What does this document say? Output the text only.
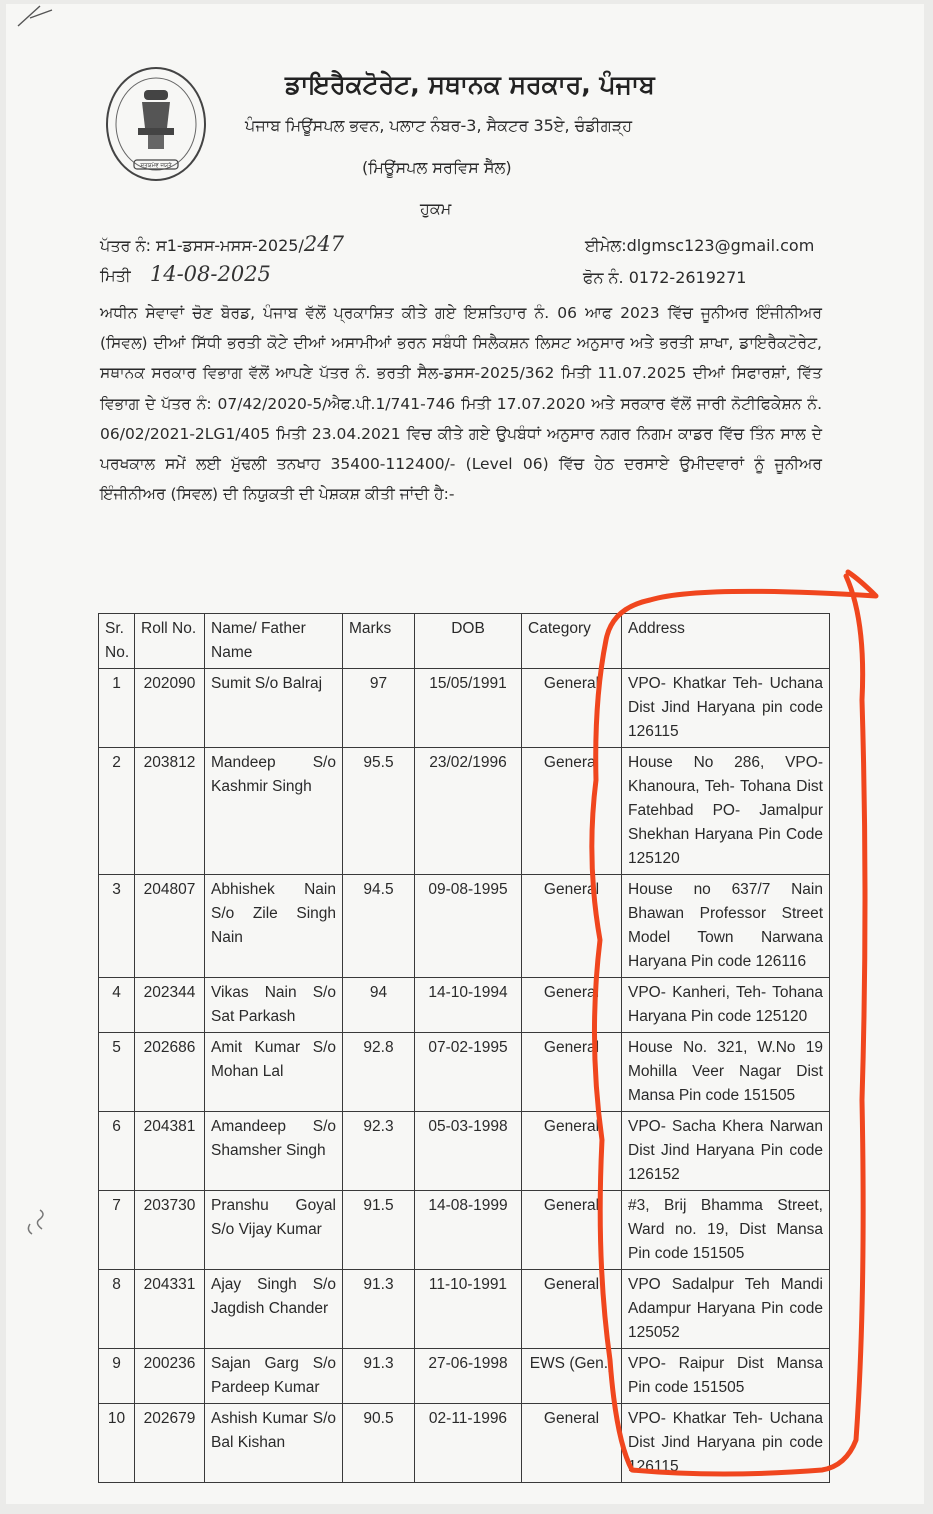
ਸਤਯਮੇਵ ਜਯਤੇ
ਡਾਇਰੈਕਟੋਰੇਟ, ਸਥਾਨਕ ਸਰਕਾਰ, ਪੰਜਾਬ
ਪੰਜਾਬ ਮਿਊਂਸਪਲ ਭਵਨ, ਪਲਾਟ ਨੰਬਰ-3, ਸੈਕਟਰ 35ਏ, ਚੰਡੀਗੜ੍ਹ
(ਮਿਊਂਸਪਲ ਸਰਵਿਸ ਸੈੱਲ)
ਹੁਕਮ
ਪੱਤਰ ਨੰ: ਸ1-ਡਸਸ-ਮਸਸ-2025/247
ਮਿਤੀ 14-08-2025
ਈਮੇਲ:dlgmsc123@gmail.com
ਫੋਨ ਨੰ. 0172-2619271
ਅਧੀਨ ਸੇਵਾਵਾਂ ਚੋਣ ਬੋਰਡ, ਪੰਜਾਬ ਵੱਲੋਂ ਪ੍ਰਕਾਸ਼ਿਤ ਕੀਤੇ ਗਏ ਇਸ਼ਤਿਹਾਰ ਨੰ. 06 ਆਫ 2023 ਵਿੱਚ ਜੂਨੀਅਰ ਇੰਜੀਨੀਅਰ (ਸਿਵਲ) ਦੀਆਂ ਸਿੱਧੀ ਭਰਤੀ ਕੋਟੇ ਦੀਆਂ ਅਸਾਮੀਆਂ ਭਰਨ ਸਬੰਧੀ ਸਿਲੈਕਸ਼ਨ ਲਿਸਟ ਅਨੁਸਾਰ ਅਤੇ ਭਰਤੀ ਸ਼ਾਖਾ, ਡਾਇਰੈਕਟੋਰੇਟ, ਸਥਾਨਕ ਸਰਕਾਰ ਵਿਭਾਗ ਵੱਲੋਂ ਆਪਣੇ ਪੱਤਰ ਨੰ. ਭਰਤੀ ਸੈਲ-ਡਸਸ-2025/362 ਮਿਤੀ 11.07.2025 ਦੀਆਂ ਸਿਫਾਰਸ਼ਾਂ, ਵਿੱਤ ਵਿਭਾਗ ਦੇ ਪੱਤਰ ਨੰ: 07/42/2020-5/ਐਫ.ਪੀ.1/741-746 ਮਿਤੀ 17.07.2020 ਅਤੇ ਸਰਕਾਰ ਵੱਲੋਂ ਜਾਰੀ ਨੋਟੀਫਿਕੇਸ਼ਨ ਨੰ. 06/02/2021-2LG1/405 ਮਿਤੀ 23.04.2021 ਵਿਚ ਕੀਤੇ ਗਏ ਉਪਬੰਧਾਂ ਅਨੁਸਾਰ ਨਗਰ ਨਿਗਮ ਕਾਡਰ ਵਿੱਚ ਤਿੰਨ ਸਾਲ ਦੇ ਪਰਖਕਾਲ ਸਮੇਂ ਲਈ ਮੁੱਢਲੀ ਤਨਖਾਹ 35400-112400/- (Level 06) ਵਿੱਚ ਹੇਠ ਦਰਸਾਏ ਉਮੀਦਵਾਰਾਂ ਨੂੰ ਜੂਨੀਅਰ ਇੰਜੀਨੀਅਰ (ਸਿਵਲ) ਦੀ ਨਿਯੁਕਤੀ ਦੀ ਪੇਸ਼ਕਸ਼ ਕੀਤੀ ਜਾਂਦੀ ਹੈ:-
Sr. No.	Roll No.	Name/ Father Name	Marks	DOB	Category	Address
1	202090	Sumit S/o Balraj	97	15/05/1991	General	VPO- Khatkar Teh- Uchana Dist Jind Haryana pin code 126115
2	203812	Mandeep S/o Kashmir Singh	95.5	23/02/1996	General	House No 286, VPO- Khanoura, Teh- Tohana Dist Fatehbad PO- Jamalpur Shekhan Haryana Pin Code 125120
3	204807	Abhishek Nain S/o Zile Singh Nain	94.5	09-08-1995	General	House no 637/7 Nain Bhawan Professor Street Model Town Narwana Haryana Pin code 126116
4	202344	Vikas Nain S/o Sat Parkash	94	14-10-1994	General	VPO- Kanheri, Teh- Tohana Haryana Pin code 125120
5	202686	Amit Kumar S/o Mohan Lal	92.8	07-02-1995	General	House No. 321, W.No 19 Mohilla Veer Nagar Dist Mansa Pin code 151505
6	204381	Amandeep S/o Shamsher Singh	92.3	05-03-1998	General	VPO- Sacha Khera Narwan Dist Jind Haryana Pin code 126152
7	203730	Pranshu Goyal S/o Vijay Kumar	91.5	14-08-1999	General	#3, Brij Bhamma Street, Ward no. 19, Dist Mansa Pin code 151505
8	204331	Ajay Singh S/o Jagdish Chander	91.3	11-10-1991	General	VPO Sadalpur Teh Mandi Adampur Haryana Pin code 125052
9	200236	Sajan Garg S/o Pardeep Kumar	91.3	27-06-1998	EWS (Gen.)	VPO- Raipur Dist Mansa Pin code 151505
10	202679	Ashish Kumar S/o Bal Kishan	90.5	02-11-1996	General	VPO- Khatkar Teh- Uchana Dist Jind Haryana pin code 126115
